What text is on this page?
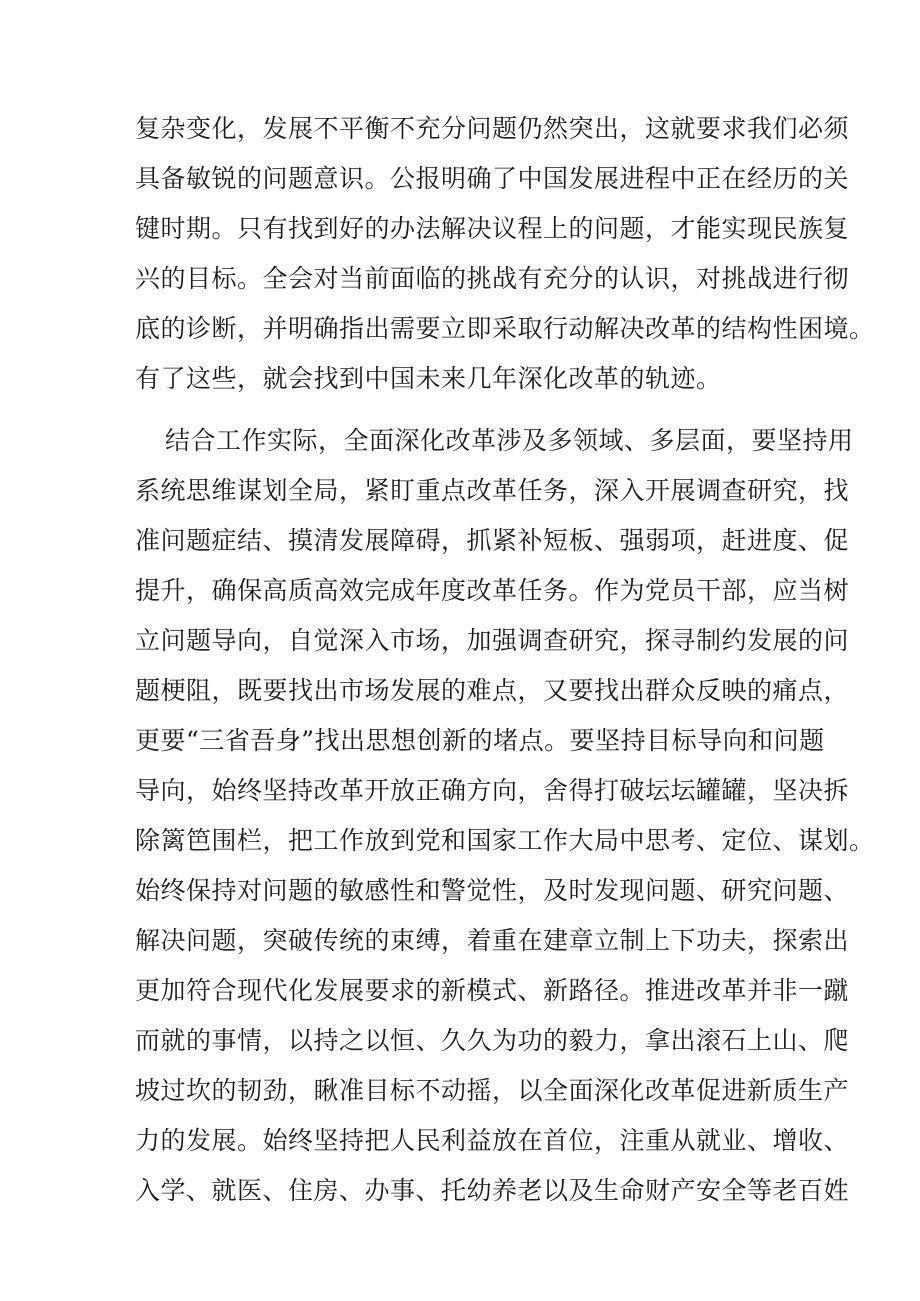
复杂变化，发展不平衡不充分问题仍然突出，这就要求我们必须
具备敏锐的问题意识。公报明确了中国发展进程中正在经历的关
键时期。只有找到好的办法解决议程上的问题，才能实现民族复
兴的目标。全会对当前面临的挑战有充分的认识，对挑战进行彻
底的诊断，并明确指出需要立即采取行动解决改革的结构性困境。
有了这些，就会找到中国未来几年深化改革的轨迹。
结合工作实际，全面深化改革涉及多领域、多层面，要坚持用
系统思维谋划全局，紧盯重点改革任务，深入开展调查研究，找
准问题症结、摸清发展障碍，抓紧补短板、强弱项，赶进度、促
提升，确保高质高效完成年度改革任务。作为党员干部，应当树
立问题导向，自觉深入市场，加强调查研究，探寻制约发展的问
题梗阻，既要找出市场发展的难点，又要找出群众反映的痛点，
更要“三省吾身”找出思想创新的堵点。要坚持目标导向和问题
导向，始终坚持改革开放正确方向，舍得打破坛坛罐罐，坚决拆
除篱笆围栏，把工作放到党和国家工作大局中思考、定位、谋划。
始终保持对问题的敏感性和警觉性，及时发现问题、研究问题、
解决问题，突破传统的束缚，着重在建章立制上下功夫，探索出
更加符合现代化发展要求的新模式、新路径。推进改革并非一蹴
而就的事情，以持之以恒、久久为功的毅力，拿出滚石上山、爬
坡过坎的韧劲，瞅准目标不动摇，以全面深化改革促进新质生产
力的发展。始终坚持把人民利益放在首位，注重从就业、增收、
入学、就医、住房、办事、托幼养老以及生命财产安全等老百姓
